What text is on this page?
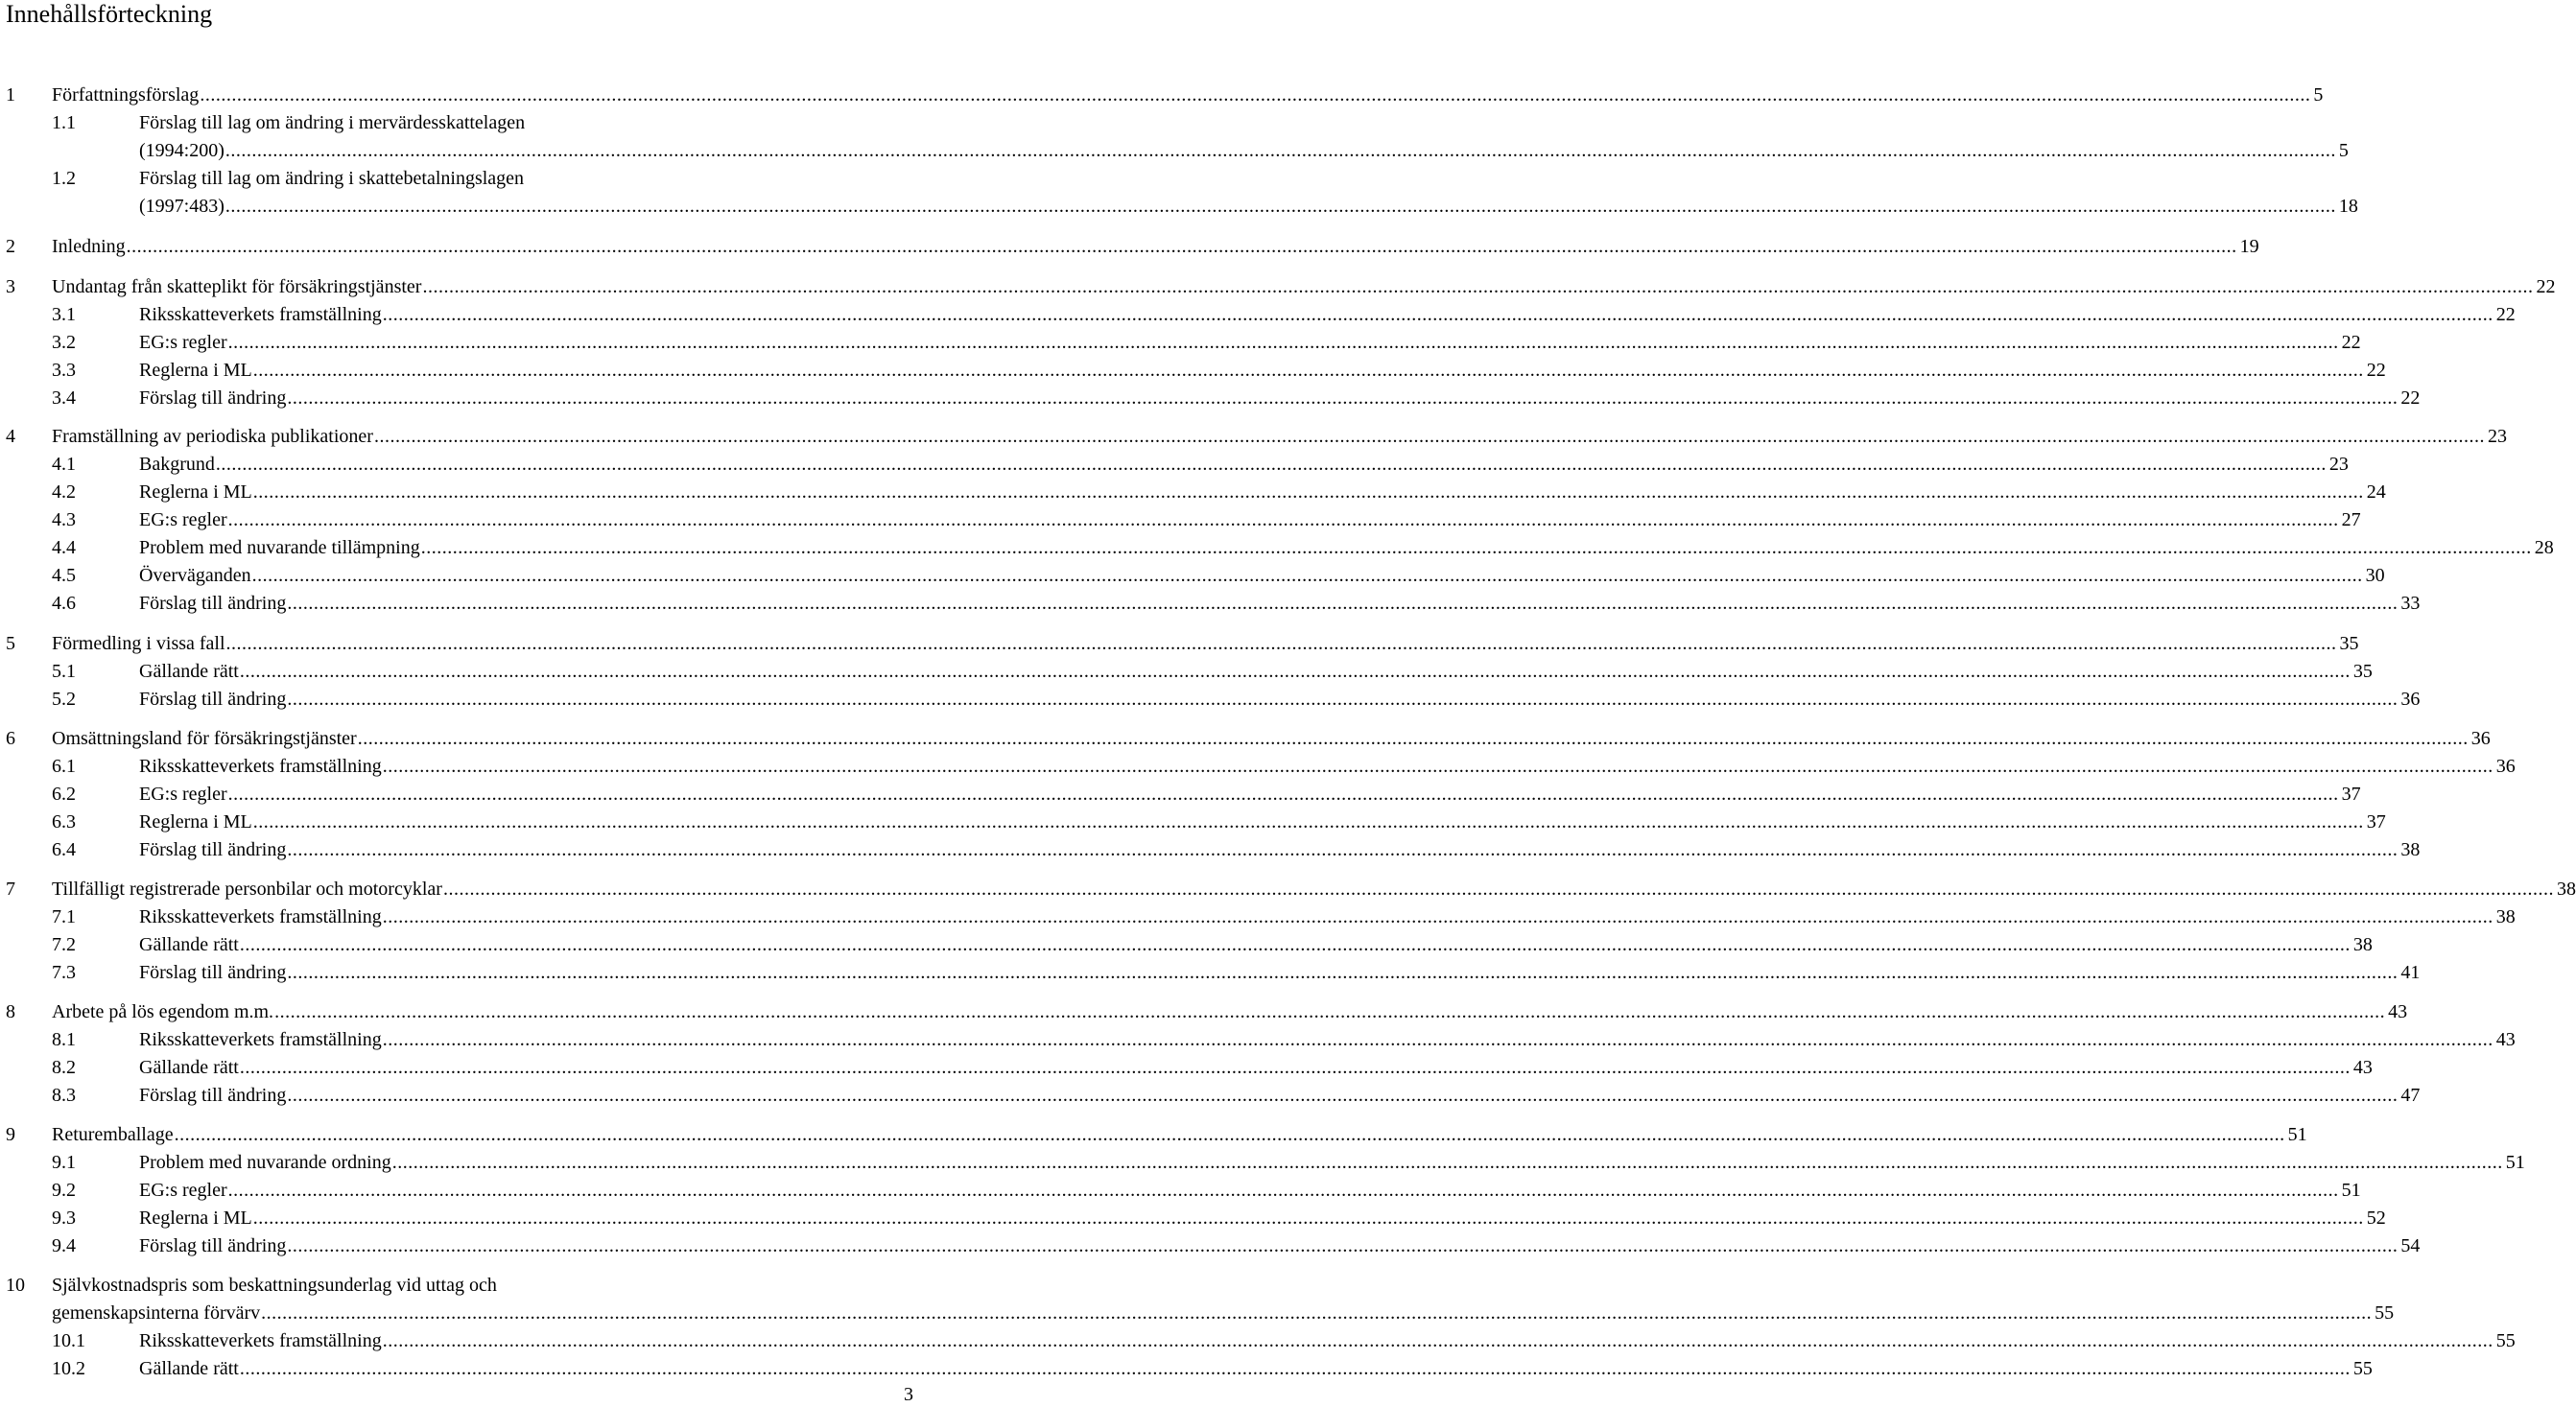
Innehållsförteckning
1 Författningsförslag ................................................................................................................................................................................................................................................................................................................................................................................................................ 5
1.1	Förslag till lag om ändring i mervärdesskattelagen
(1994:200) ................................................................................................................................................................................................................................................................................................................................................................................................................ 5
1.2	Förslag till lag om ändring i skattebetalningslagen
(1997:483) ................................................................................................................................................................................................................................................................................................................................................................................................................ 18
2 Inledning ................................................................................................................................................................................................................................................................................................................................................................................................................ 19
3 Undantag från skatteplikt för försäkringstjänster ................................................................................................................................................................................................................................................................................................................................................................................................................ 22
3.1	Riksskatteverkets framställning ................................................................................................................................................................................................................................................................................................................................................................................................................ 22
3.2	EG:s regler ................................................................................................................................................................................................................................................................................................................................................................................................................ 22
3.3	Reglerna i ML ................................................................................................................................................................................................................................................................................................................................................................................................................ 22
3.4	Förslag till ändring ................................................................................................................................................................................................................................................................................................................................................................................................................ 22
4 Framställning av periodiska publikationer ................................................................................................................................................................................................................................................................................................................................................................................................................ 23
4.1	Bakgrund ................................................................................................................................................................................................................................................................................................................................................................................................................ 23
4.2	Reglerna i ML ................................................................................................................................................................................................................................................................................................................................................................................................................ 24
4.3	EG:s regler ................................................................................................................................................................................................................................................................................................................................................................................................................ 27
4.4	Problem med nuvarande tillämpning ................................................................................................................................................................................................................................................................................................................................................................................................................ 28
4.5	Överväganden ................................................................................................................................................................................................................................................................................................................................................................................................................ 30
4.6	Förslag till ändring ................................................................................................................................................................................................................................................................................................................................................................................................................ 33
5 Förmedling i vissa fall ................................................................................................................................................................................................................................................................................................................................................................................................................ 35
5.1	Gällande rätt ................................................................................................................................................................................................................................................................................................................................................................................................................ 35
5.2	Förslag till ändring ................................................................................................................................................................................................................................................................................................................................................................................................................ 36
6 Omsättningsland för försäkringstjänster ................................................................................................................................................................................................................................................................................................................................................................................................................ 36
6.1	Riksskatteverkets framställning ................................................................................................................................................................................................................................................................................................................................................................................................................ 36
6.2	EG:s regler ................................................................................................................................................................................................................................................................................................................................................................................................................ 37
6.3	Reglerna i ML ................................................................................................................................................................................................................................................................................................................................................................................................................ 37
6.4	Förslag till ändring ................................................................................................................................................................................................................................................................................................................................................................................................................ 38
7 Tillfälligt registrerade personbilar och motorcyklar ................................................................................................................................................................................................................................................................................................................................................................................................................ 38
7.1	Riksskatteverkets framställning ................................................................................................................................................................................................................................................................................................................................................................................................................ 38
7.2	Gällande rätt ................................................................................................................................................................................................................................................................................................................................................................................................................ 38
7.3	Förslag till ändring ................................................................................................................................................................................................................................................................................................................................................................................................................ 41
8 Arbete på lös egendom m.m. ................................................................................................................................................................................................................................................................................................................................................................................................................ 43
8.1	Riksskatteverkets framställning ................................................................................................................................................................................................................................................................................................................................................................................................................ 43
8.2	Gällande rätt ................................................................................................................................................................................................................................................................................................................................................................................................................ 43
8.3	Förslag till ändring ................................................................................................................................................................................................................................................................................................................................................................................................................ 47
9 Returemballage ................................................................................................................................................................................................................................................................................................................................................................................................................ 51
9.1	Problem med nuvarande ordning ................................................................................................................................................................................................................................................................................................................................................................................................................ 51
9.2	EG:s regler ................................................................................................................................................................................................................................................................................................................................................................................................................ 51
9.3	Reglerna i ML ................................................................................................................................................................................................................................................................................................................................................................................................................ 52
9.4	Förslag till ändring ................................................................................................................................................................................................................................................................................................................................................................................................................ 54
10 Självkostnadspris som beskattningsunderlag vid uttag och
gemenskapsinterna förvärv ................................................................................................................................................................................................................................................................................................................................................................................................................ 55
10.1	Riksskatteverkets framställning ................................................................................................................................................................................................................................................................................................................................................................................................................ 55
10.2	Gällande rätt ................................................................................................................................................................................................................................................................................................................................................................................................................ 55
3
